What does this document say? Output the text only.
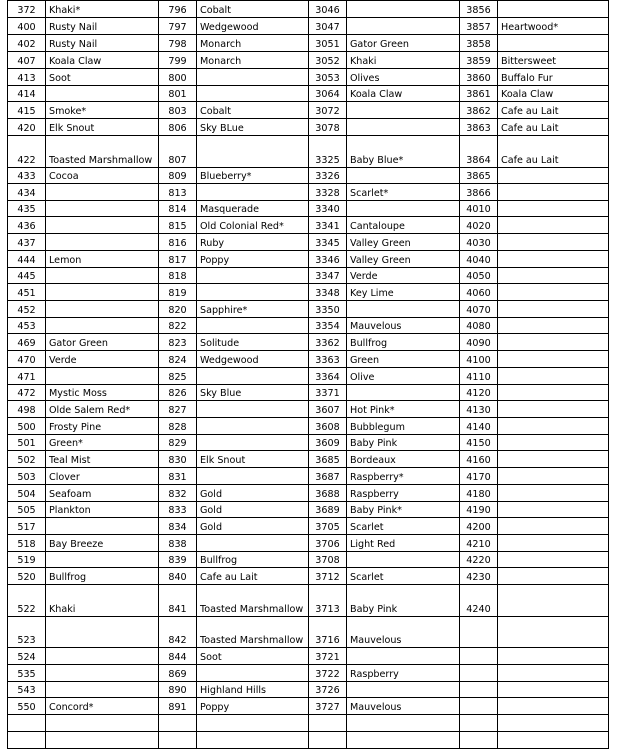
372	Khaki*	796	Cobalt	3046		3856	
400	Rusty Nail	797	Wedgewood	3047		3857	Heartwood*
402	Rusty Nail	798	Monarch	3051	Gator Green	3858	
407	Koala Claw	799	Monarch	3052	Khaki	3859	Bittersweet
413	Soot	800		3053	Olives	3860	Buffalo Fur
414		801		3064	Koala Claw	3861	Koala Claw
415	Smoke*	803	Cobalt	3072		3862	Cafe au Lait
420	Elk Snout	806	Sky BLue	3078		3863	Cafe au Lait
422	Toasted Marshmallow	807		3325	Baby Blue*	3864	Cafe au Lait
433	Cocoa	809	Blueberry*	3326		3865	
434		813		3328	Scarlet*	3866	
435		814	Masquerade	3340		4010	
436		815	Old Colonial Red*	3341	Cantaloupe	4020	
437		816	Ruby	3345	Valley Green	4030	
444	Lemon	817	Poppy	3346	Valley Green	4040	
445		818		3347	Verde	4050	
451		819		3348	Key Lime	4060	
452		820	Sapphire*	3350		4070	
453		822		3354	Mauvelous	4080	
469	Gator Green	823	Solitude	3362	Bullfrog	4090	
470	Verde	824	Wedgewood	3363	Green	4100	
471		825		3364	Olive	4110	
472	Mystic Moss	826	Sky Blue	3371		4120	
498	Olde Salem Red*	827		3607	Hot Pink*	4130	
500	Frosty Pine	828		3608	Bubblegum	4140	
501	Green*	829		3609	Baby Pink	4150	
502	Teal Mist	830	Elk Snout	3685	Bordeaux	4160	
503	Clover	831		3687	Raspberry*	4170	
504	Seafoam	832	Gold	3688	Raspberry	4180	
505	Plankton	833	Gold	3689	Baby Pink*	4190	
517		834	Gold	3705	Scarlet	4200	
518	Bay Breeze	838		3706	Light Red	4210	
519		839	Bullfrog	3708		4220	
520	Bullfrog	840	Cafe au Lait	3712	Scarlet	4230	
522	Khaki	841	Toasted Marshmallow	3713	Baby Pink	4240	
523		842	Toasted Marshmallow	3716	Mauvelous		
524		844	Soot	3721			
535		869		3722	Raspberry		
543		890	Highland Hills	3726			
550	Concord*	891	Poppy	3727	Mauvelous		
